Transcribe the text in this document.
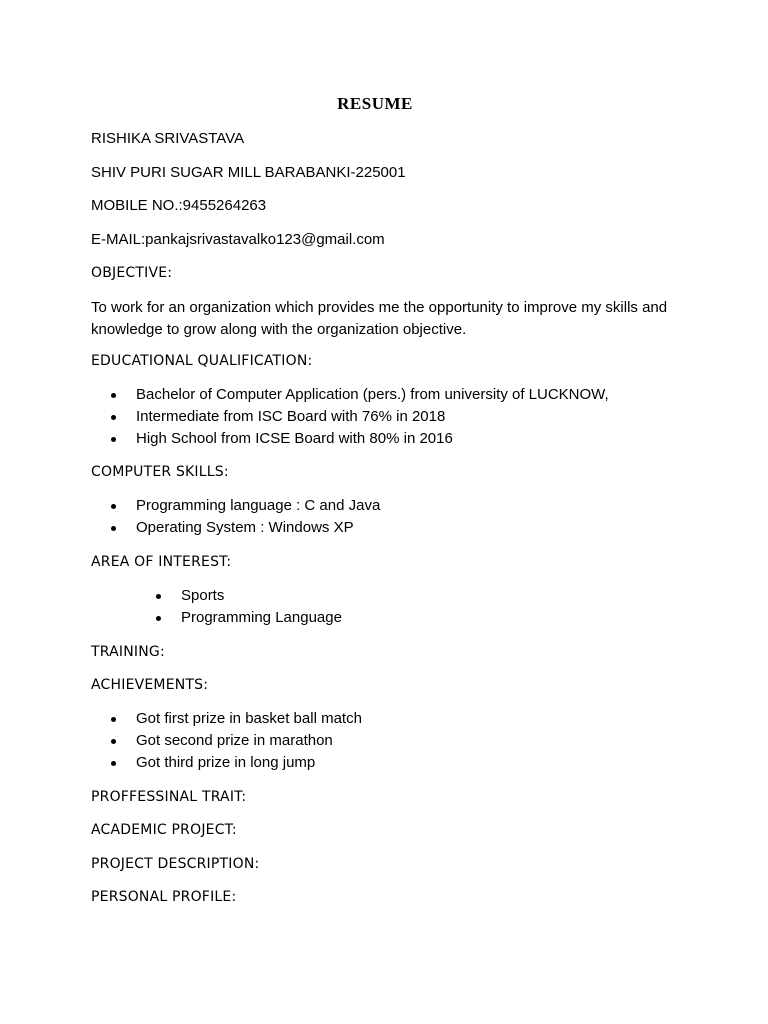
RESUME

RISHIKA SRIVASTAVA

SHIV PURI SUGAR MILL BARABANKI-225001

MOBILE NO.:9455264263

E-MAIL:pankajsrivastavalko123@gmail.com

OBJECTIVE:

To work for an organization which provides me the opportunity to improve my skills and knowledge to grow along with the organization objective.

EDUCATIONAL QUALIFICATION:

Bachelor of Computer Application (pers.) from university of LUCKNOW,
Intermediate from ISC Board with 76% in 2018
High School from ICSE Board with 80% in 2016

COMPUTER SKILLS:

Programming language : C and Java
Operating System : Windows XP

AREA OF INTEREST:

Sports
Programming Language

TRAINING:

ACHIEVEMENTS:

Got first prize in basket ball match
Got second prize in marathon
Got third prize in long jump

PROFFESSINAL TRAIT:

ACADEMIC PROJECT:

PROJECT DESCRIPTION:

PERSONAL PROFILE:
